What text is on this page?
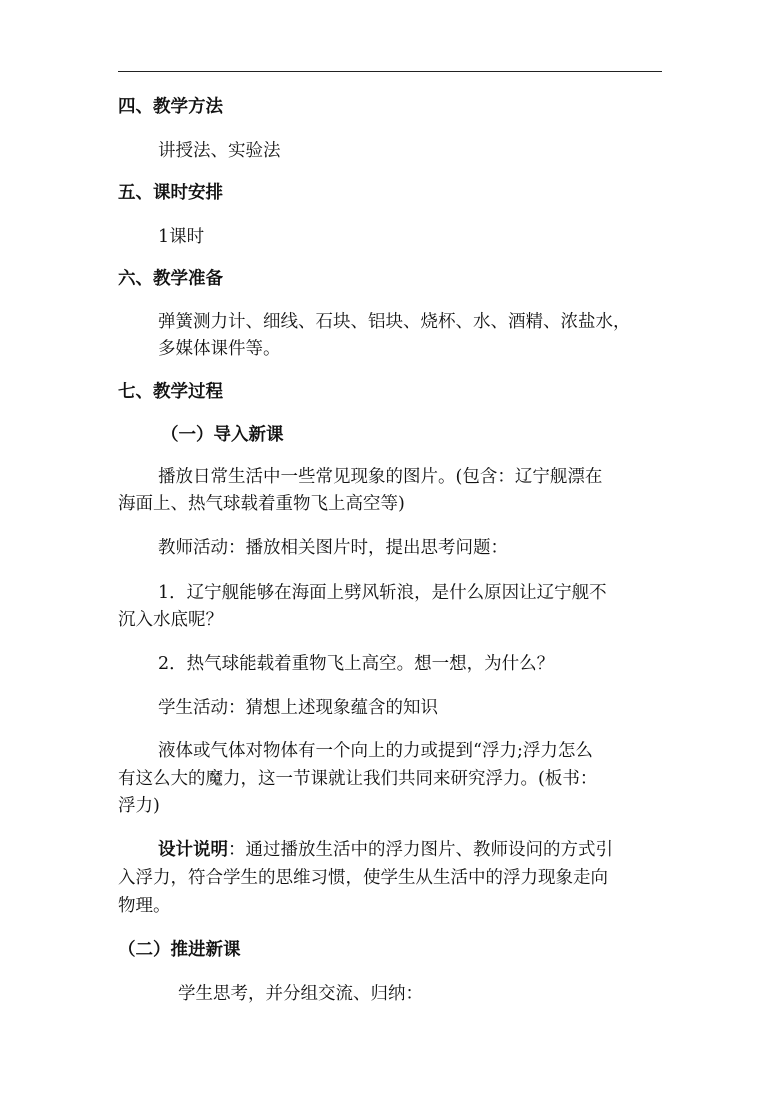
四、教学方法
讲授法、实验法
五、课时安排
1课时
六、教学准备
弹簧测力计、细线、石块、铝块、烧杯、水、酒精、浓盐水，
多媒体课件等。
七、教学过程
（一）导入新课
播放日常生活中一些常见现象的图片。(包含：辽宁舰漂在
海面上、热气球载着重物飞上高空等)
教师活动：播放相关图片时，提出思考问题：
1．辽宁舰能够在海面上劈风斩浪，是什么原因让辽宁舰不
沉入水底呢？
2．热气球能载着重物飞上高空。想一想，为什么？
学生活动：猜想上述现象蕴含的知识
液体或气体对物体有一个向上的力或提到“浮力;浮力怎么
有这么大的魔力，这一节课就让我们共同来研究浮力。(板书：
浮力)
设计说明：通过播放生活中的浮力图片、教师设问的方式引
入浮力，符合学生的思维习惯，使学生从生活中的浮力现象走向
物理。
（二）推进新课
学生思考，并分组交流、归纳：
